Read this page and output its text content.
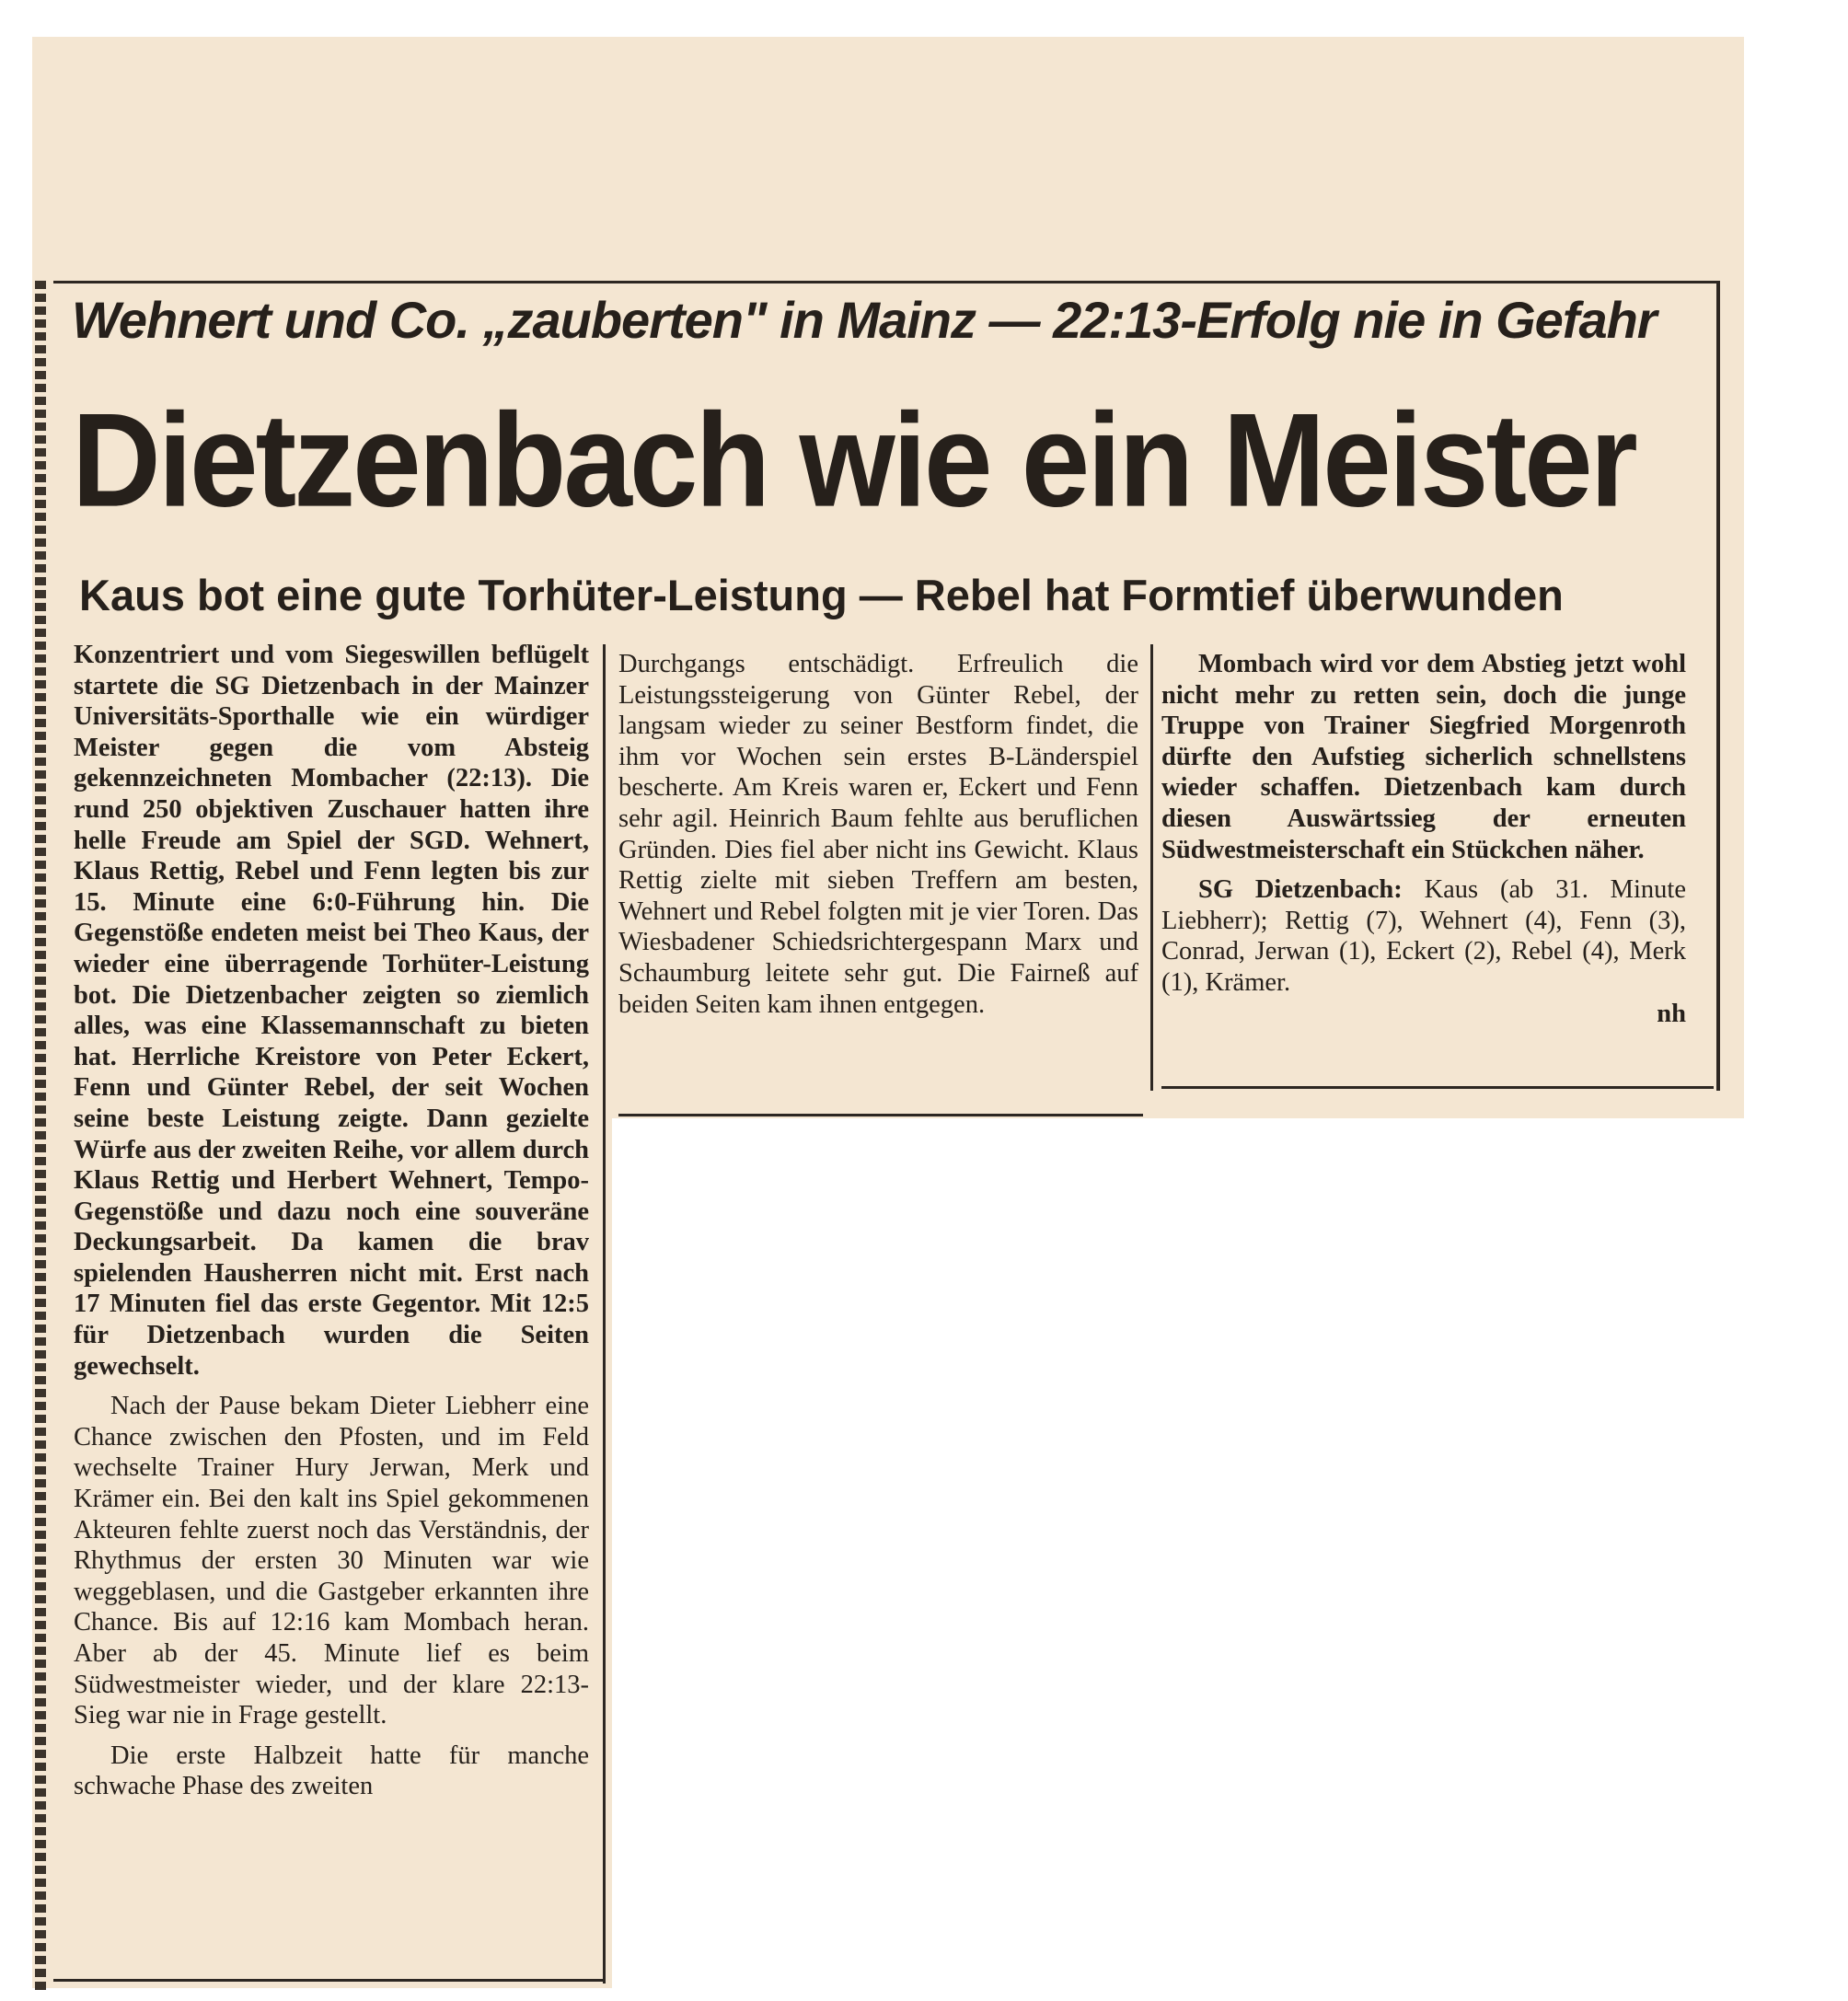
Wehnert und Co. „zauberten" in Mainz — 22:13-Erfolg nie in Gefahr
Dietzenbach wie ein Meister
Kaus bot eine gute Torhüter-Leistung — Rebel hat Formtief überwunden

Konzentriert und vom Siegeswillen beflügelt startete die SG Dietzenbach in der Mainzer Universitäts-Sporthalle wie ein würdiger Meister gegen die vom Absteig gekennzeichneten Mombacher (22:13). Die rund 250 objektiven Zuschauer hatten ihre helle Freude am Spiel der SGD. Wehnert, Klaus Rettig, Rebel und Fenn legten bis zur 15. Minute eine 6:0-Führung hin. Die Gegenstöße endeten meist bei Theo Kaus, der wieder eine überragende Torhüter-Leistung bot. Die Dietzenbacher zeigten so ziemlich alles, was eine Klassemannschaft zu bieten hat. Herrliche Kreistore von Peter Eckert, Fenn und Günter Rebel, der seit Wochen seine beste Leistung zeigte. Dann gezielte Würfe aus der zweiten Reihe, vor allem durch Klaus Rettig und Herbert Wehnert, Tempo-Gegenstöße und dazu noch eine souveräne Deckungsarbeit. Da kamen die brav spielenden Hausherren nicht mit. Erst nach 17 Minuten fiel das erste Gegentor. Mit 12:5 für Dietzenbach wurden die Seiten gewechselt.

Nach der Pause bekam Dieter Liebherr eine Chance zwischen den Pfosten, und im Feld wechselte Trainer Hury Jerwan, Merk und Krämer ein. Bei den kalt ins Spiel gekommenen Akteuren fehlte zuerst noch das Verständnis, der Rhythmus der ersten 30 Minuten war wie weggeblasen, und die Gastgeber erkannten ihre Chance. Bis auf 12:16 kam Mombach heran. Aber ab der 45. Minute lief es beim Südwestmeister wieder, und der klare 22:13-Sieg war nie in Frage gestellt.

Die erste Halbzeit hatte für manche schwache Phase des zweiten

Durchgangs entschädigt. Erfreulich die Leistungssteigerung von Günter Rebel, der langsam wieder zu seiner Bestform findet, die ihm vor Wochen sein erstes B-Länderspiel bescherte. Am Kreis waren er, Eckert und Fenn sehr agil. Heinrich Baum fehlte aus beruflichen Gründen. Dies fiel aber nicht ins Gewicht. Klaus Rettig zielte mit sieben Treffern am besten, Wehnert und Rebel folgten mit je vier Toren. Das Wiesbadener Schiedsrichtergespann Marx und Schaumburg leitete sehr gut. Die Fairneß auf beiden Seiten kam ihnen entgegen.

Mombach wird vor dem Abstieg jetzt wohl nicht mehr zu retten sein, doch die junge Truppe von Trainer Siegfried Morgenroth dürfte den Aufstieg sicherlich schnellstens wieder schaffen. Dietzenbach kam durch diesen Auswärtssieg der erneuten Südwestmeisterschaft ein Stückchen näher.

SG Dietzenbach: Kaus (ab 31. Minute Liebherr); Rettig (7), Wehnert (4), Fenn (3), Conrad, Jerwan (1), Eckert (2), Rebel (4), Merk (1), Krämer.

nh
